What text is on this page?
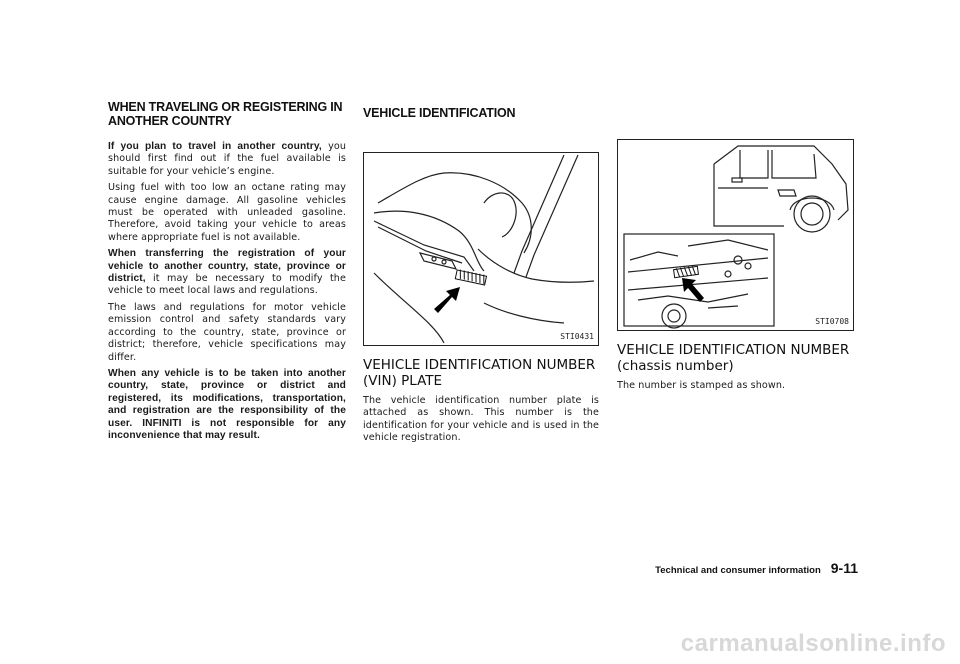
WHEN TRAVELING OR REGISTERING IN ANOTHER COUNTRY

If you plan to travel in another country, you should first find out if the fuel available is suitable for your vehicle’s engine.

Using fuel with too low an octane rating may cause engine damage. All gasoline vehicles must be operated with unleaded gasoline. Therefore, avoid taking your vehicle to areas where appropriate fuel is not available.

When transferring the registration of your vehicle to another country, state, province or district, it may be necessary to modify the vehicle to meet local laws and regulations.

The laws and regulations for motor vehicle emission control and safety standards vary according to the country, state, province or district; therefore, vehicle specifications may differ.

When any vehicle is to be taken into another country, state, province or district and registered, its modifications, transportation, and registration are the responsibility of the user. INFINITI is not responsible for any inconvenience that may result.

VEHICLE IDENTIFICATION
STI0431
VEHICLE IDENTIFICATION NUMBER (VIN) PLATE

The vehicle identification number plate is attached as shown. This number is the identification for your vehicle and is used in the vehicle registration.

STI0708
VEHICLE IDENTIFICATION NUMBER (chassis number)

The number is stamped as shown.

Technical and consumer information 9-11
carmanualsonline.info
